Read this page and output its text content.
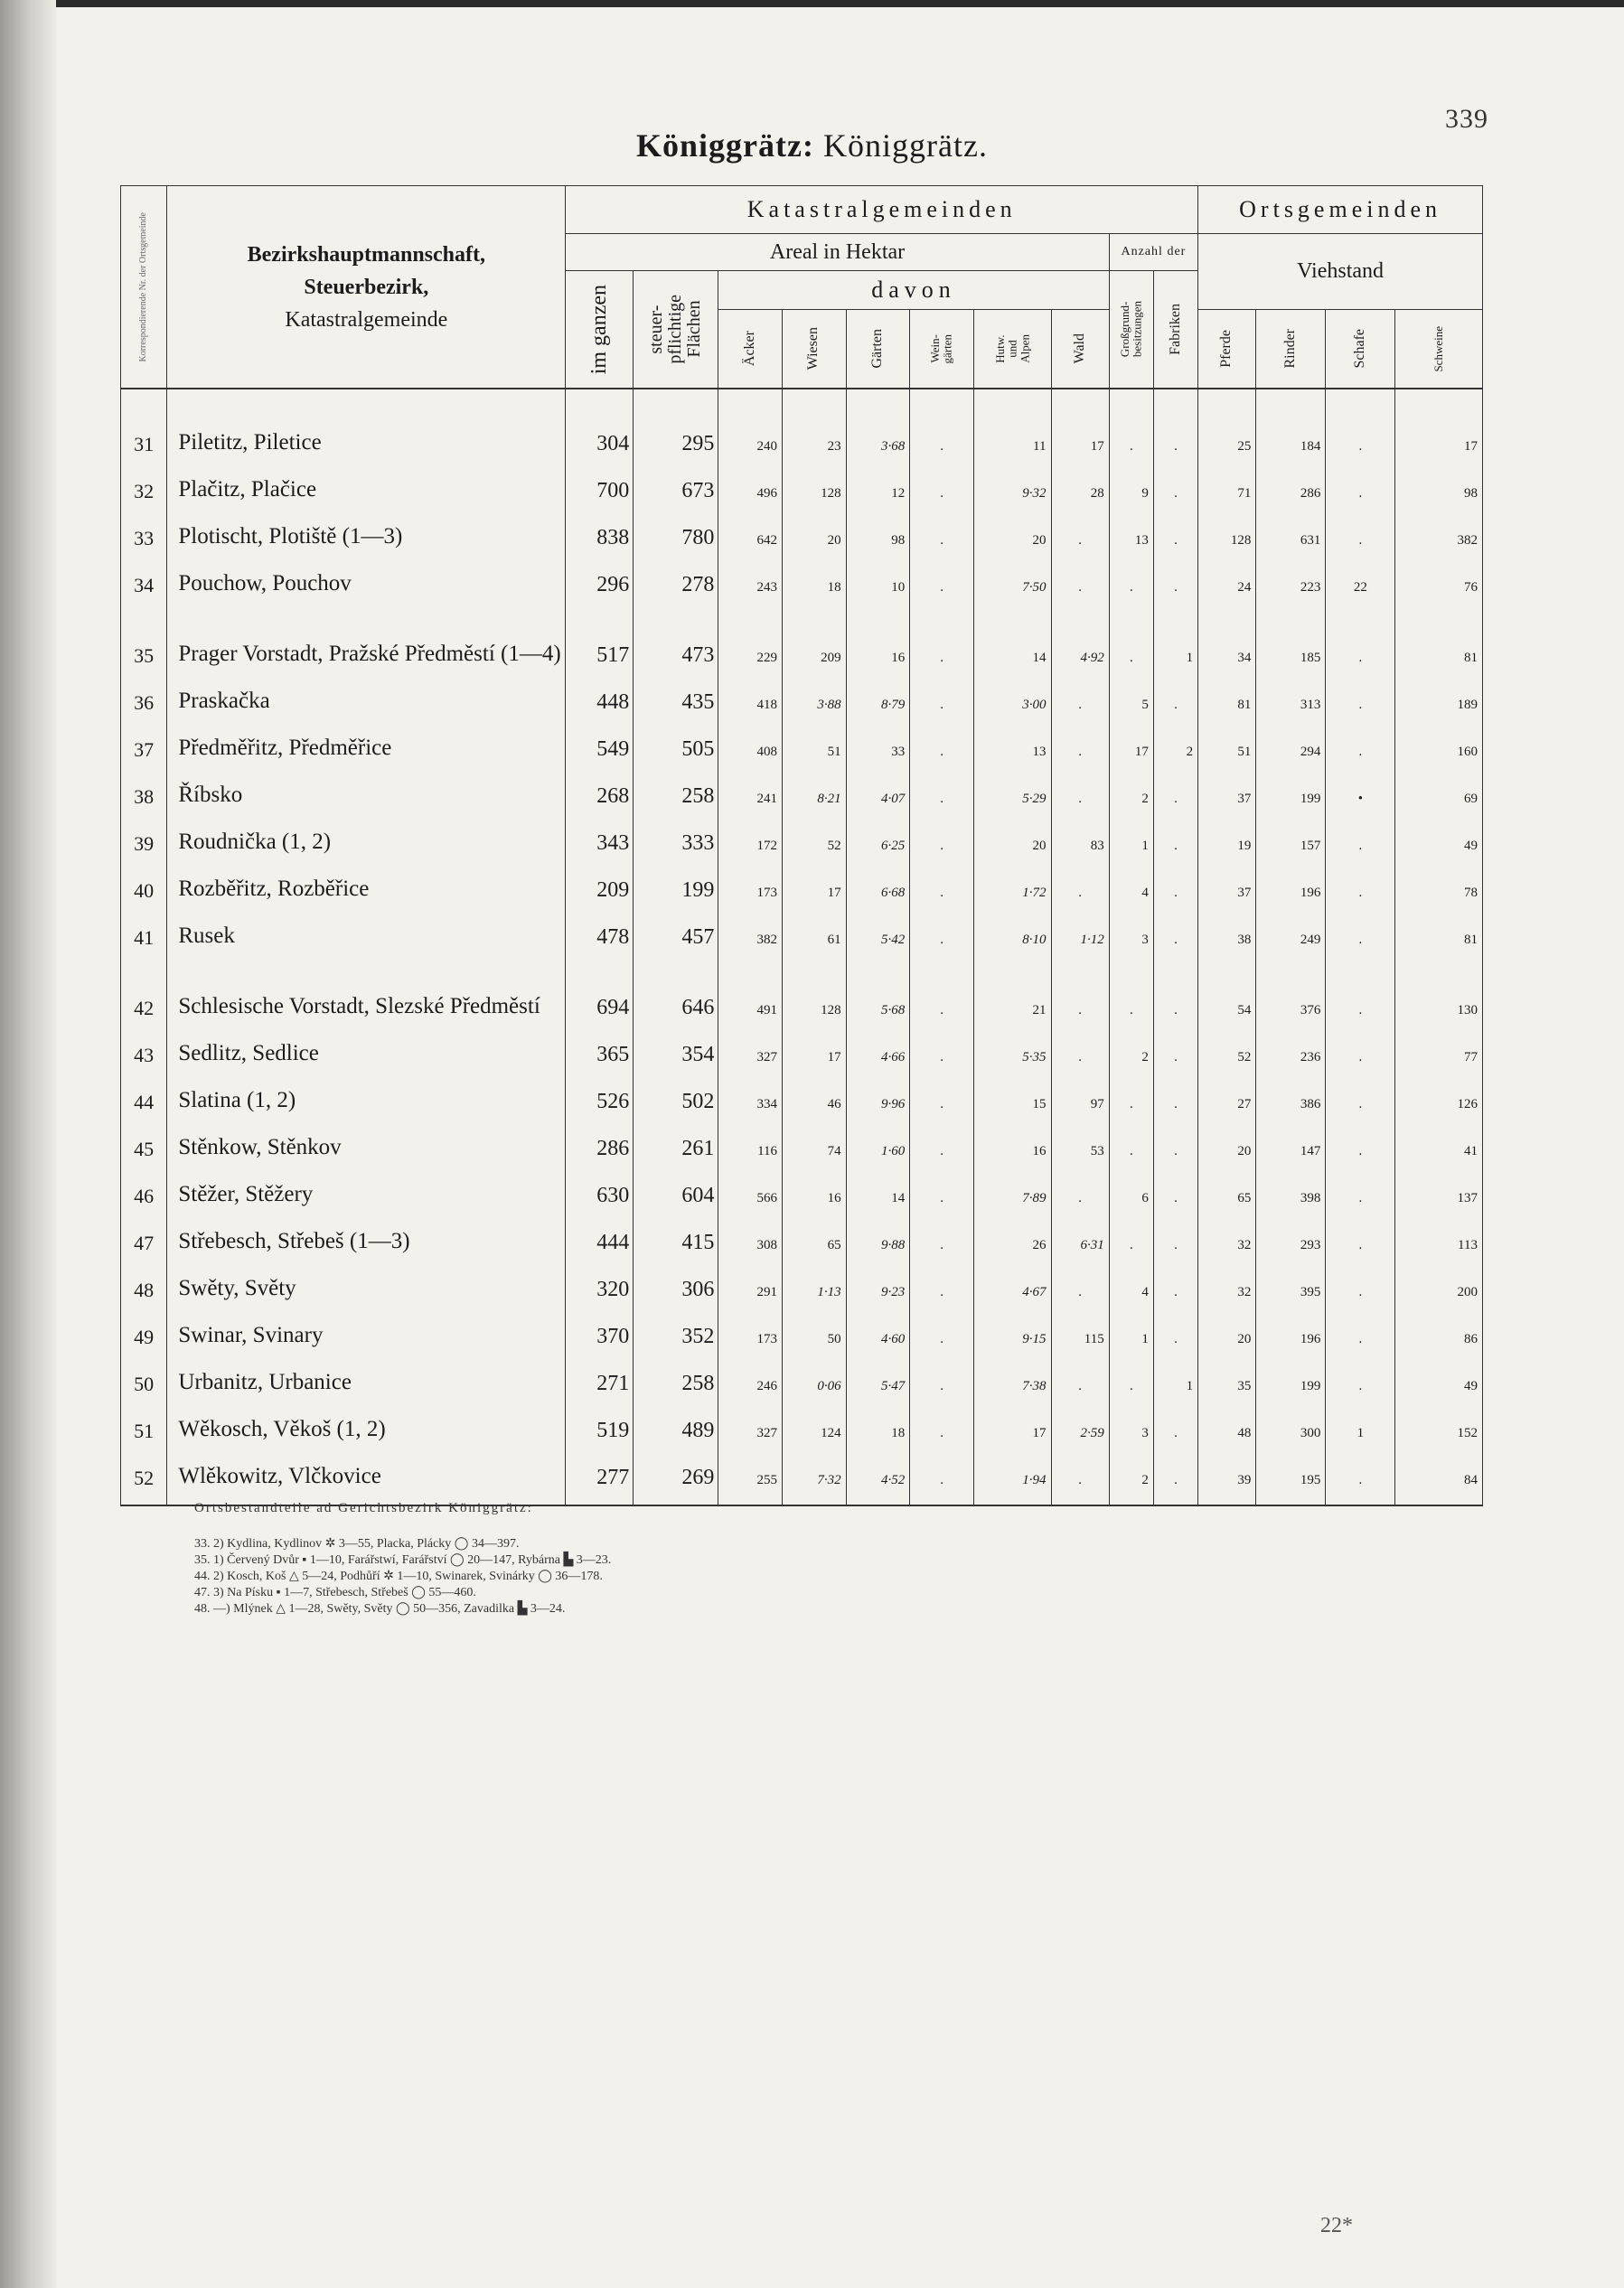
339
Königgrätz: Königgrätz.
Korrespondierende Nr. der Ortsgemeinde	Bezirkshauptmannschaft,
Steuerbezirk,
Katastralgemeinde	Katastralgemeinden										Ortsgemeinden			
		Areal in Hektar								Anzahl der		Viehstand			

		im ganzen	steuer-
pflichtige
Flächen	davon						Großgrund-
besitzungen	Fabriken				

				Äcker	Wiesen	Gärten	Wein-
gärten	Hutw.
und
Alpen	Wald			Pferde	Rinder	Schafe	Schweine

31	Piletitz, Piletice	304	295	240	23	3·68	.	11	17	.	.	25	184	.	17
32	Plačitz, Plačice	700	673	496	128	12	.	9·32	28	9	.	71	286	.	98
33	Plotischt, Plotiště (1—3)	838	780	642	20	98	.	20	.	13	.	128	631	.	382
34	Pouchow, Pouchov	296	278	243	18	10	.	7·50	.	.	.	24	223	22	76
35	Prager Vorstadt, Pražské Předměstí (1—4)	517	473	229	209	16	.	14	4·92	.	1	34	185	.	81
36	Praskačka	448	435	418	3·88	8·79	.	3·00	.	5	.	81	313	.	189
37	Předměřitz, Předměřice	549	505	408	51	33	.	13	.	17	2	51	294	.	160
38	Říbsko	268	258	241	8·21	4·07	.	5·29	.	2	.	37	199	•	69
39	Roudnička (1, 2)	343	333	172	52	6·25	.	20	83	1	.	19	157	.	49
40	Rozběřitz, Rozběřice	209	199	173	17	6·68	.	1·72	.	4	.	37	196	.	78
41	Rusek	478	457	382	61	5·42	.	8·10	1·12	3	.	38	249	.	81
42	Schlesische Vorstadt, Slezské Předměstí	694	646	491	128	5·68	.	21	.	.	.	54	376	.	130
43	Sedlitz, Sedlice	365	354	327	17	4·66	.	5·35	.	2	.	52	236	.	77
44	Slatina (1, 2)	526	502	334	46	9·96	.	15	97	.	.	27	386	.	126
45	Stěnkow, Stěnkov	286	261	116	74	1·60	.	16	53	.	.	20	147	.	41
46	Stěžer, Stěžery	630	604	566	16	14	.	7·89	.	6	.	65	398	.	137
47	Střebesch, Střebeš (1—3)	444	415	308	65	9·88	.	26	6·31	.	.	32	293	.	113
48	Swěty, Světy	320	306	291	1·13	9·23	.	4·67	.	4	.	32	395	.	200
49	Swinar, Svinary	370	352	173	50	4·60	.	9·15	115	1	.	20	196	.	86
50	Urbanitz, Urbanice	271	258	246	0·06	5·47	.	7·38	.	.	1	35	199	.	49
51	Wěkosch, Věkoš (1, 2)	519	489	327	124	18	.	17	2·59	3	.	48	300	1	152
52	Wlěkowitz, Vlčkovice	277	269	255	7·32	4·52	.	1·94	.	2	.	39	195	.	84

Ortsbestandteile ad Gerichtsbezirk Königgrätz:
33. 2) Kydlina, Kydlinov ✲ 3—55, Placka, Plácky ◯ 34—397.
35. 1) Červený Dvůr ▪ 1—10, Farářstwí, Farářství ◯ 20—147, Rybárna ▙ 3—23.
44. 2) Kosch, Koš △ 5—24, Podhůří ✲ 1—10, Swinarek, Svinárky ◯ 36—178.
47. 3) Na Písku ▪ 1—7, Střebesch, Střebeš ◯ 55—460.
48. —) Mlýnek △ 1—28, Swěty, Světy ◯ 50—356, Zavadilka ▙ 3—24.
22*
